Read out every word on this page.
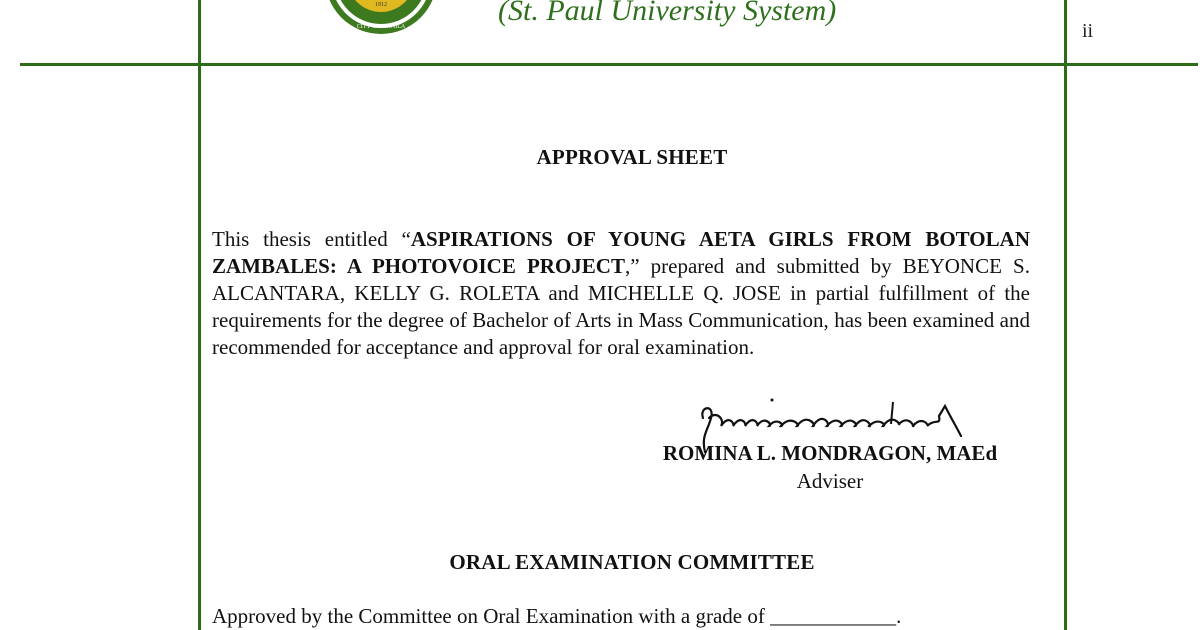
1912
CITY OF MANILA	(St. Paul University System)
ii
APPROVAL SHEET
This thesis entitled “ASPIRATIONS OF YOUNG AETA GIRLS FROM BOTOLAN ZAMBALES: A PHOTOVOICE PROJECT,” prepared and submitted by BEYONCE S. ALCANTARA, KELLY G. ROLETA and MICHELLE Q. JOSE in partial fulfillment of the requirements for the degree of Bachelor of Arts in Mass Communication, has been examined and recommended for acceptance and approval for oral examination.
ROMINA L. MONDRAGON, MAEd
Adviser
ORAL EXAMINATION COMMITTEE
Approved by the Committee on Oral Examination with a grade of ____________.
